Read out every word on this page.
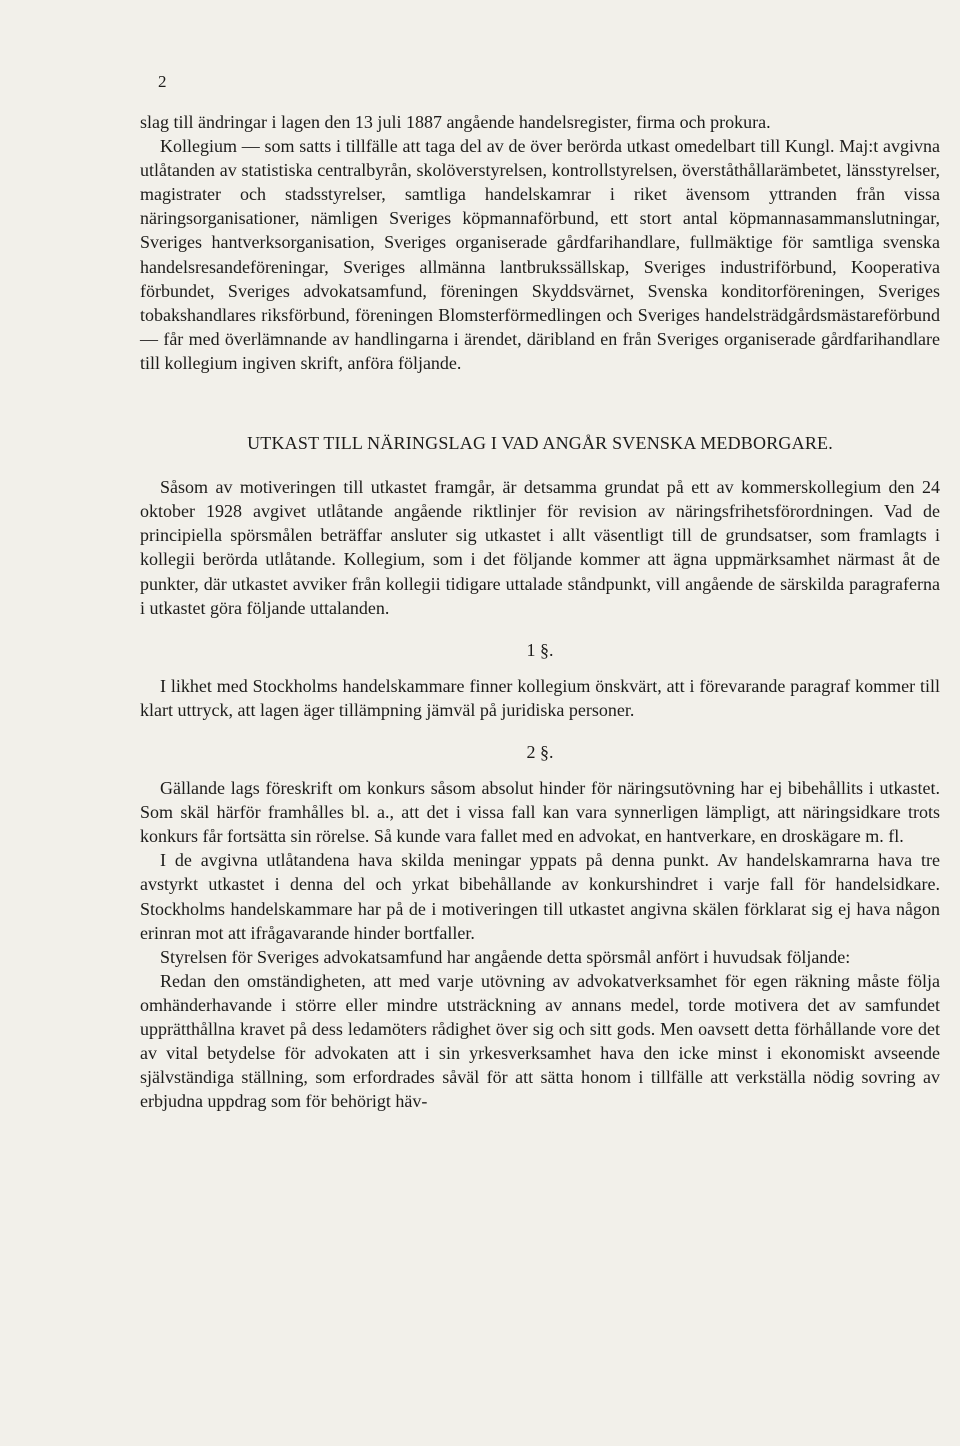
2

slag till ändringar i lagen den 13 juli 1887 angående handelsregister, firma och prokura.

Kollegium — som satts i tillfälle att taga del av de över berörda utkast omedelbart till Kungl. Maj:t avgivna utlåtanden av statistiska centralbyrån, skolöverstyrelsen, kontrollstyrelsen, överståthållarämbetet, länsstyrelser, magistrater och stadsstyrelser, samtliga handelskamrar i riket ävensom yttranden från vissa näringsorganisationer, nämligen Sveriges köpmannaförbund, ett stort antal köpmannasammanslutningar, Sveriges hantverksorganisation, Sveriges organiserade gårdfarihandlare, fullmäktige för samtliga svenska handelsresandeföreningar, Sveriges allmänna lantbrukssällskap, Sveriges industriförbund, Kooperativa förbundet, Sveriges advokatsamfund, föreningen Skyddsvärnet, Svenska konditorföreningen, Sveriges tobakshandlares riksförbund, föreningen Blomsterförmedlingen och Sveriges handelsträdgårdsmästareförbund — får med överlämnande av handlingarna i ärendet, däribland en från Sveriges organiserade gårdfarihandlare till kollegium ingiven skrift, anföra följande.

UTKAST TILL NÄRINGSLAG I VAD ANGÅR SVENSKA MEDBORGARE.

Såsom av motiveringen till utkastet framgår, är detsamma grundat på ett av kommerskollegium den 24 oktober 1928 avgivet utlåtande angående riktlinjer för revision av näringsfrihetsförordningen. Vad de principiella spörsmålen beträffar ansluter sig utkastet i allt väsentligt till de grundsatser, som framlagts i kollegii berörda utlåtande. Kollegium, som i det följande kommer att ägna uppmärksamhet närmast åt de punkter, där utkastet avviker från kollegii tidigare uttalade ståndpunkt, vill angående de särskilda paragraferna i utkastet göra följande uttalanden.

1 §.

I likhet med Stockholms handelskammare finner kollegium önskvärt, att i förevarande paragraf kommer till klart uttryck, att lagen äger tillämpning jämväl på juridiska personer.

2 §.

Gällande lags föreskrift om konkurs såsom absolut hinder för näringsutövning har ej bibehållits i utkastet. Som skäl härför framhålles bl. a., att det i vissa fall kan vara synnerligen lämpligt, att näringsidkare trots konkurs får fortsätta sin rörelse. Så kunde vara fallet med en advokat, en hantverkare, en droskägare m. fl.

I de avgivna utlåtandena hava skilda meningar yppats på denna punkt. Av handelskamrarna hava tre avstyrkt utkastet i denna del och yrkat bibehållande av konkurshindret i varje fall för handelsidkare. Stockholms handelskammare har på de i motiveringen till utkastet angivna skälen förklarat sig ej hava någon erinran mot att ifrågavarande hinder bortfaller.

Styrelsen för Sveriges advokatsamfund har angående detta spörsmål anfört i huvudsak följande:

Redan den omständigheten, att med varje utövning av advokatverksamhet för egen räkning måste följa omhänderhavande i större eller mindre utsträckning av annans medel, torde motivera det av samfundet upprätthållna kravet på dess ledamöters rådighet över sig och sitt gods. Men oavsett detta förhållande vore det av vital betydelse för advokaten att i sin yrkesverksamhet hava den icke minst i ekonomiskt avseende självständiga ställning, som erfordrades såväl för att sätta honom i tillfälle att verkställa nödig sovring av erbjudna uppdrag som för behörigt häv-
